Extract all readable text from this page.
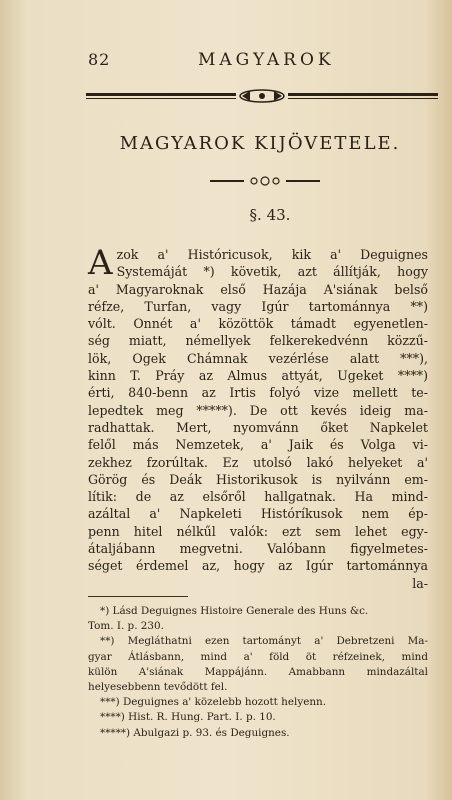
82	MAGYAROK
MAGYAROK KIJÖVETELE.
§. 43.
A zok a' Históricusok, kik a' Deguignes
Systemáját *) követik, azt állítják, hogy
a' Magyaroknak első Hazája A'siának belső
réfze, Turfan, vagy Igúr tartománnya **)
vólt. Onnét a' közöttök támadt egyenetlen-
ség miatt, némellyek felkerekedvénn közzű-
lök, Ogek Chámnak vezérlése alatt ***),
kinn T. Práy az Almus attyát, Ugeket ****)
érti, 840-benn az Irtis folyó vize mellett te-
lepedtek meg *****). De ott kevés ideig ma-
radhattak. Mert, nyomvánn őket Napkelet
felől más Nemzetek, a' Jaik és Volga vi-
zekhez fzorúltak. Ez utolsó lakó helyeket a'
Görög és Deák Historikusok is nyilvánn em-
lítik: de az elsőről hallgatnak. Ha mind-
azáltal a' Napkeleti Históríkusok nem ép-
penn hitel nélkűl valók: ezt sem lehet egy-
átaljábann megvetni. Valóbann figyelmetes-
séget érdemel az, hogy az Igúr tartománnya
la-
*) Lásd Deguignes Histoire Generale des Huns &c.
Tom. I. p. 230.
**) Megláthatni ezen tartományt a' Debretzeni Ma-
gyar Átlásbann, mind a' föld öt réfzeinek, mind
külön A'siának Mappájánn. Amabbann mindazáltal
helyesebbenn tevődött fel.
***) Deguignes a' közelebb hozott helyenn.
****) Hist. R. Hung. Part. I. p. 10.
*****) Abulgazi p. 93. és Deguignes.
